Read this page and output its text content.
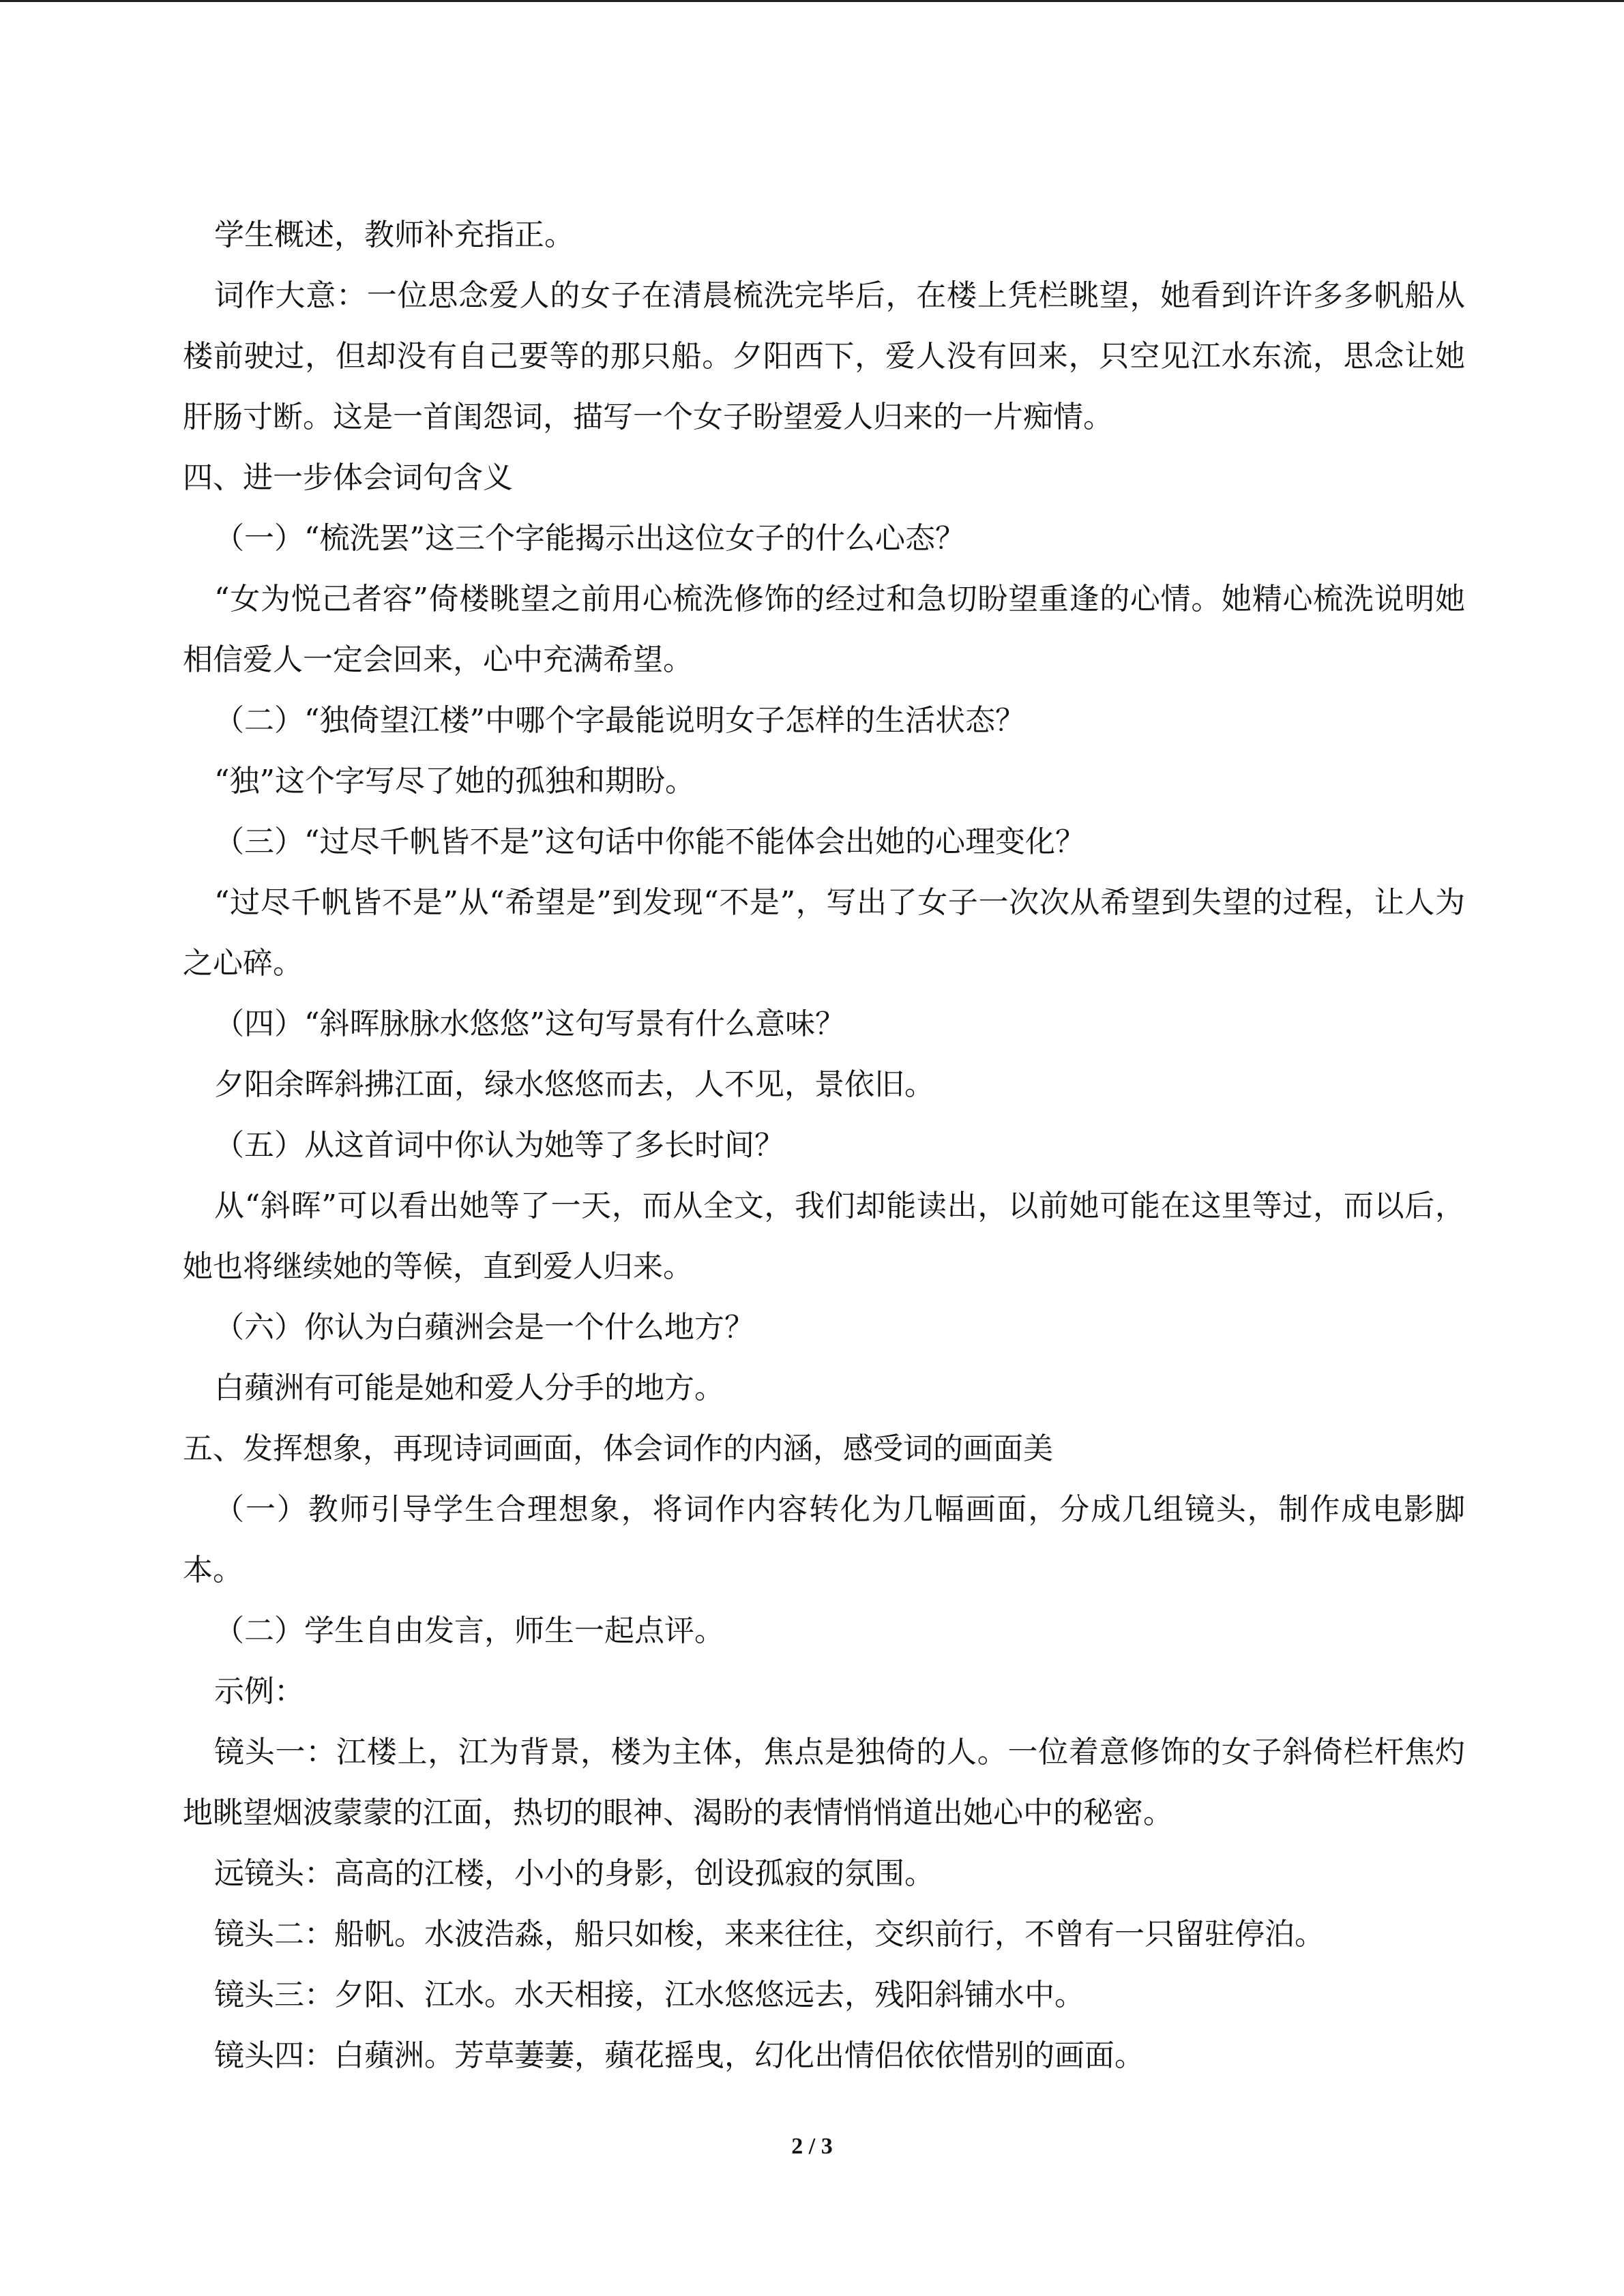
学生概述，教师补充指正。

词作大意：一位思念爱人的女子在清晨梳洗完毕后，在楼上凭栏眺望，她看到许许多多帆船从楼前驶过，但却没有自己要等的那只船。夕阳西下，爱人没有回来，只空见江水东流，思念让她肝肠寸断。这是一首闺怨词，描写一个女子盼望爱人归来的一片痴情。

四、进一步体会词句含义

（一）“梳洗罢”这三个字能揭示出这位女子的什么心态？

“女为悦己者容”倚楼眺望之前用心梳洗修饰的经过和急切盼望重逢的心情。她精心梳洗说明她相信爱人一定会回来，心中充满希望。

（二）“独倚望江楼”中哪个字最能说明女子怎样的生活状态？

“独”这个字写尽了她的孤独和期盼。

（三）“过尽千帆皆不是”这句话中你能不能体会出她的心理变化？

“过尽千帆皆不是”从“希望是”到发现“不是”，写出了女子一次次从希望到失望的过程，让人为之心碎。

（四）“斜晖脉脉水悠悠”这句写景有什么意味？

夕阳余晖斜拂江面，绿水悠悠而去，人不见，景依旧。

（五）从这首词中你认为她等了多长时间？

从“斜晖”可以看出她等了一天，而从全文，我们却能读出，以前她可能在这里等过，而以后，她也将继续她的等候，直到爱人归来。

（六）你认为白蘋洲会是一个什么地方？

白蘋洲有可能是她和爱人分手的地方。

五、发挥想象，再现诗词画面，体会词作的内涵，感受词的画面美

（一）教师引导学生合理想象，将词作内容转化为几幅画面，分成几组镜头，制作成电影脚本。

（二）学生自由发言，师生一起点评。

示例：

镜头一：江楼上，江为背景，楼为主体，焦点是独倚的人。一位着意修饰的女子斜倚栏杆焦灼地眺望烟波蒙蒙的江面，热切的眼神、渴盼的表情悄悄道出她心中的秘密。

远镜头：高高的江楼，小小的身影，创设孤寂的氛围。

镜头二：船帆。水波浩淼，船只如梭，来来往往，交织前行，不曾有一只留驻停泊。

镜头三：夕阳、江水。水天相接，江水悠悠远去，残阳斜铺水中。

镜头四：白蘋洲。芳草萋萋，蘋花摇曳，幻化出情侣依依惜别的画面。

2 / 3
